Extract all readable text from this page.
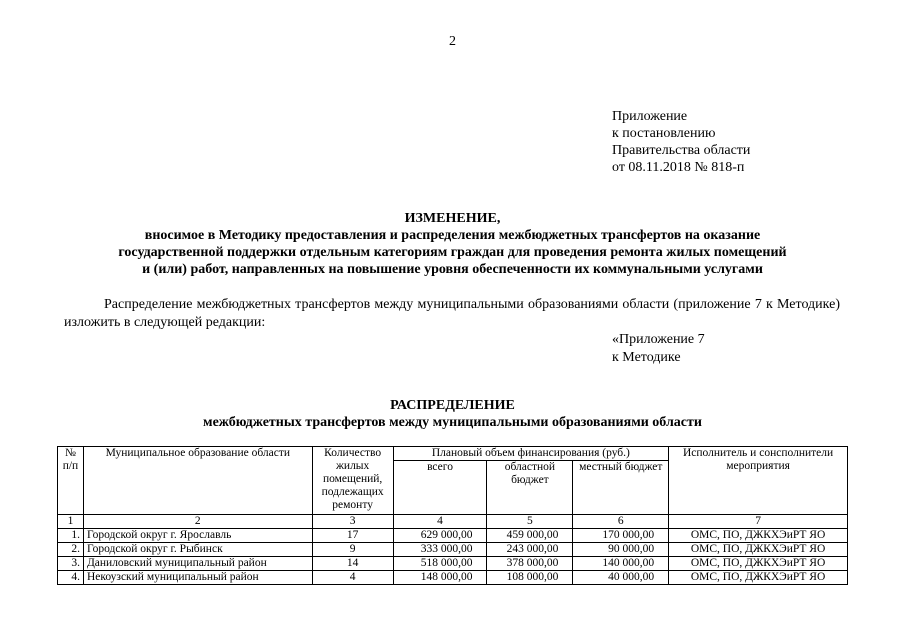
2
Приложение
к постановлению
Правительства области
от 08.11.2018 № 818-п
ИЗМЕНЕНИЕ,
вносимое в Методику предоставления и распределения межбюджетных трансфертов на оказание
государственной поддержки отдельным категориям граждан для проведения ремонта жилых помещений
и (или) работ, направленных на повышение уровня обеспеченности их коммунальными услугами
Распределение межбюджетных трансфертов между муниципальными образованиями области (приложение 7 к Методике) изложить в следующей редакции:
«Приложение 7
к Методике
РАСПРЕДЕЛЕНИЕ
межбюджетных трансфертов между муниципальными образованиями области
№ п/п	Муниципальное образование области	Количество жилых помещений, подлежащих ремонту	Плановый объем финансирования (руб.)			Исполнитель и сонсполнители мероприятия
			всего	областной бюджет	местный бюджет	
1	2	3	4	5	6	7
1.	Городской округ г. Ярославль	17	629 000,00	459 000,00	170 000,00	ОМС, ПО, ДЖКХЭиРТ ЯО
2.	Городской округ г. Рыбинск	9	333 000,00	243 000,00	90 000,00	ОМС, ПО, ДЖКХЭиРТ ЯО
3.	Даниловский муниципальный район	14	518 000,00	378 000,00	140 000,00	ОМС, ПО, ДЖКХЭиРТ ЯО
4.	Некоузский муниципальный район	4	148 000,00	108 000,00	40 000,00	ОМС, ПО, ДЖКХЭиРТ ЯО
